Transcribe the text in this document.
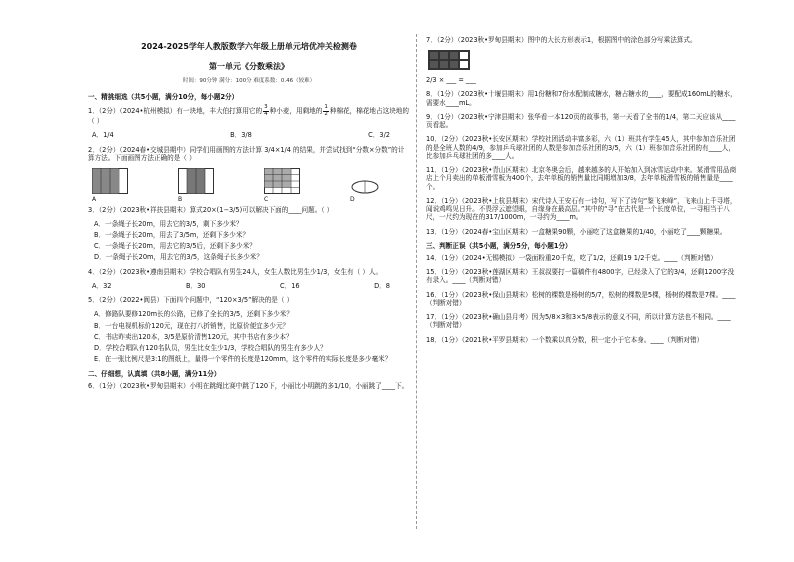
2024-2025学年人教版数学六年级上册单元培优冲关检测卷
第一单元《分数乘法》
时间：90分钟 满分：100分 难度系数：0.46（较难）
一、精挑细选（共5小题，满分10分，每小题2分）
1．（2分）（2024•杭州模拟）有一块地，丰大伯打算用它的 $\frac{3}{4}$ 种小麦，用剩地的 $\frac{1}{2}$ 种棉花，棉花地占这块地的（ ）
A．1/4	B．3/8	C．3/2
2．（2分）（2024春•交城县期中）同学们用画图的方法计算 3/4×1/4 的结果，并尝试找到“分数×分数”的计算方法。下面画图方法正确的是（ ）
A	B	C	D
3．（2分）（2023秋•祥扶县期末）算式20×(1−3/5)可以解决下面的____问题。（ ）
A．一条绳子长20m，用去它的3/5，剩下多少米？
B．一条绳子长20m，用去了3/5m，还剩下多少米？
C．一条绳子长20m，用去它的3/5后，还剩下多少米？
D．一条绳子长20m，用去它的3/5，这条绳子长多少米？
4．（2分）（2023秋•遵南县期末）学校合唱队有男生24人，女生人数比男生少1/3，女生有（ ）人。
A．32	B．30	C．16	D．8
5．（2分）（2022•阆县）下面四个问题中，“120×3/5”解决的是（ ）
A．修路队要修120m长的公路，已修了全长的3/5，还剩下多少米？
B．一台电视机标价120元，现在打八折销售，比原价便宜多少元？
C．书店昨卖出120本，3/5是原价清售120元，其中书店有多少本？
D．学校合唱队有120名队员，男生比女生少1/3，学校合唱队的男生有多少人？
E．在一张比例尺是3:1的图纸上，量得一个零件的长度是120mm，这个零件的实际长度是多少毫米？
二、仔细想，认真填（共8小题，满分11分）
6．（1分）（2023秋•罗甸县期末）小明在跳绳比赛中跳了120下，小丽比小明跳的多1/10，小丽跳了____下。
7．（2分）（2023秋•罗甸县期末）图中的大长方形表示1，根据图中的涂色部分写乘法算式。
2/3 × ___ = ___
8．（1分）（2023秋•十堰县期末）用1份糖和7份水配制成糖水，糖占糖水的____，要配成160mL的糖水，需要水____mL。
9．（1分）（2023秋•宁津县期末）张华看一本120页的故事书，第一天看了全书的1/4，第二天应该从____页看起。
10．（2分）（2023秋•长安区期末）学校社团活动丰富多彩，六（1）班共有学生45人，其中参加音乐社团的是全班人数的4/9，参加乒乓球社团的人数是参加音乐社团的3/5，六（1）班参加音乐社团的有____人，比参加乒乓球社团的多____人。
11．（1分）（2023秋•青山区期末）北京冬奥会后，越来越多的人开始加入到冰雪运动中来。某滑雪用品商店上个月卖出的单板滑雪板为400个，去年单板的销售量比同期增加3/8，去年单板滑雪板的销售量是____个。
12．（1分）（2023秋•上杭县期末）宋代诗人王安石有一诗句，写下了诗句“鉴飞来峰”，飞来山上千寻塔，闻说鸡鸣见日升。不畏浮云遮望眼，自缘身在最高层。”其中的“寻”在古代是一个长度单位，一寻相当于八尺，一尺约为现在的317/1000m，一寻约为____m。
13．（1分）（2024春•宝山区期末）一盒糖果90颗，小丽吃了这盒糖果的1/40，小丽吃了____颗糖果。
三、判断正误（共5小题，满分5分，每小题1分）
14．（1分）（2024•无锡模拟）一袋面粉重20千克，吃了1/2，还剩19 1/2千克。____（判断对错）
15．（1分）（2023秋•莲湖区期末）王叔叔要打一篇稿件有4800字，已经录入了它的3/4，还剩1200字没有录入。____（判断对错）
16．（1分）（2023秋•保山县期末）松树的棵数是杨树的5/7，松树的棵数是5棵，杨树的棵数是7棵。____（判断对错）
17．（1分）（2023秋•确山县月考）因为5/8×3和3×5/8表示的意义不同，所以计算方法也不相同。____（判断对错）
18．（1分）（2021秋•平罗县期末）一个数乘以真分数，积一定小于它本身。____（判断对错）
